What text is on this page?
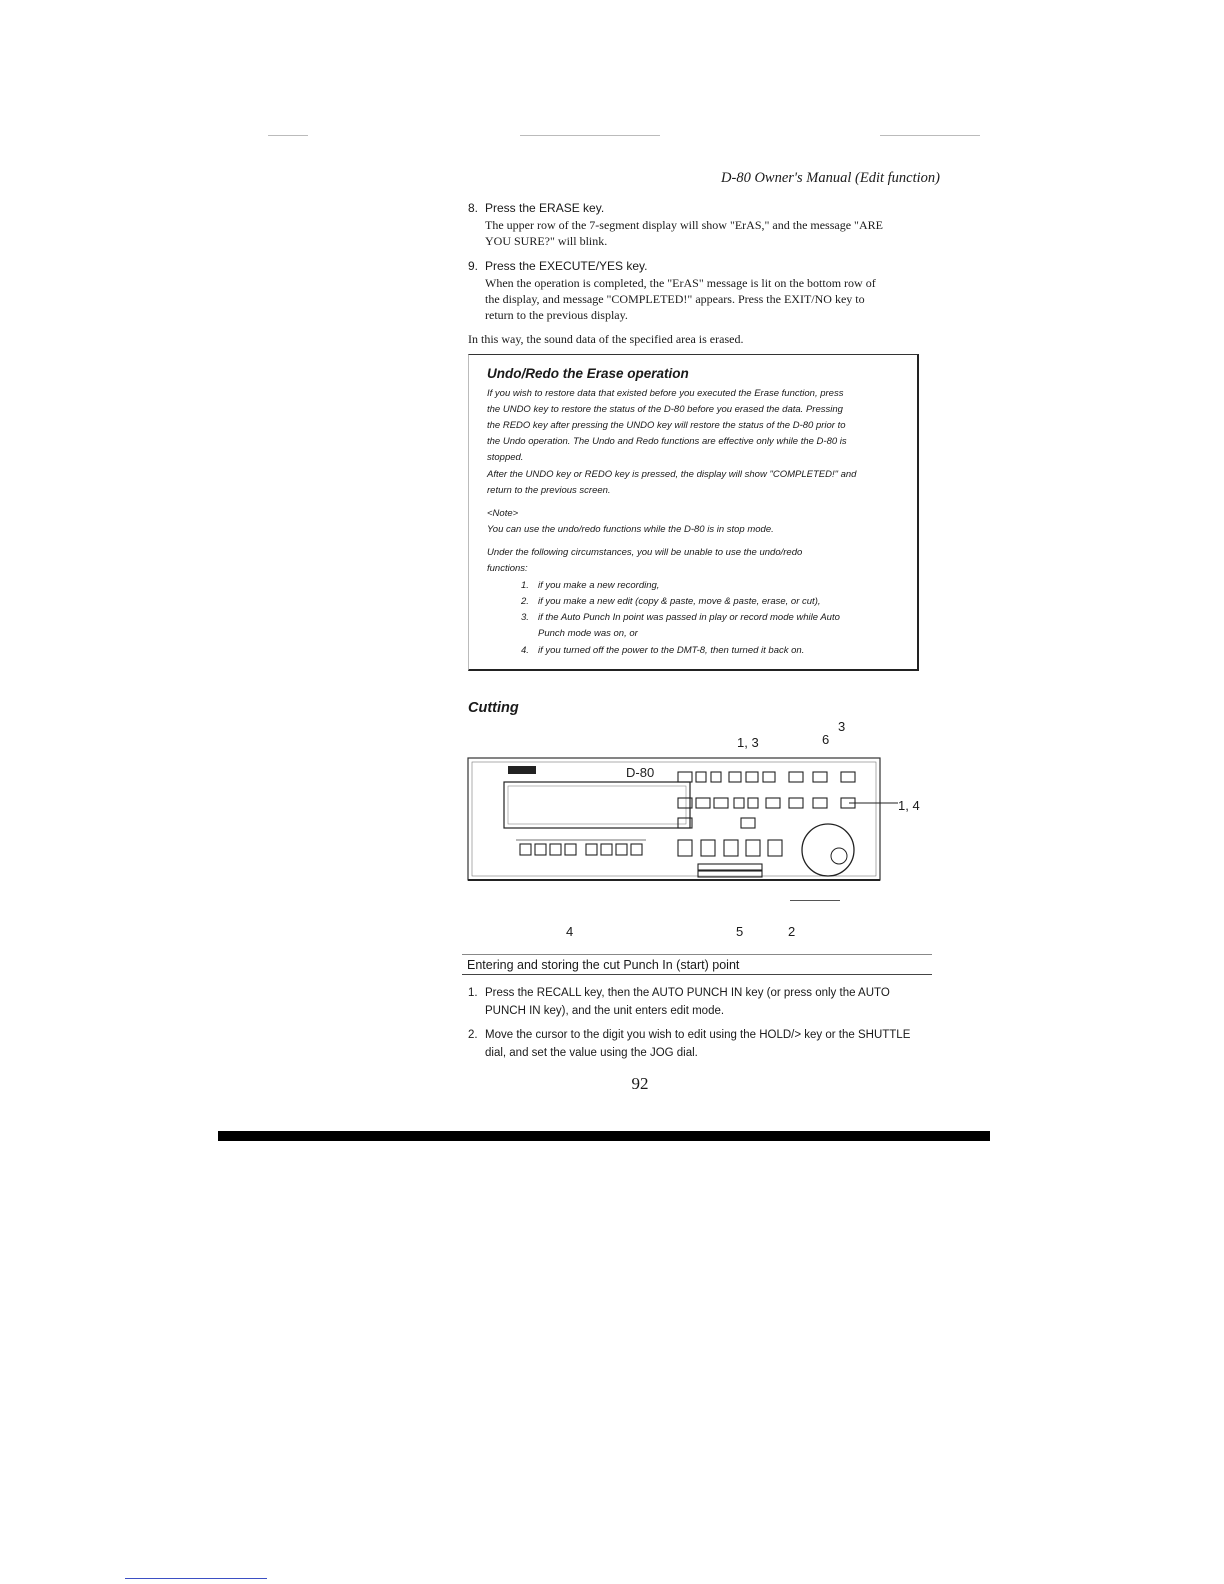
D-80 Owner's Manual (Edit function)
8. Press the ERASE key.
The upper row of the 7-segment display will show "ErAS," and the message "ARE
YOU SURE?" will blink.
9. Press the EXECUTE/YES key.
When the operation is completed, the "ErAS" message is lit on the bottom row of
the display, and message "COMPLETED!" appears. Press the EXIT/NO key to
return to the previous display.
In this way, the sound data of the specified area is erased.
Undo/Redo the Erase operation
If you wish to restore data that existed before you executed the Erase function, press
the UNDO key to restore the status of the D-80 before you erased the data. Pressing
the REDO key after pressing the UNDO key will restore the status of the D-80 prior to
the Undo operation. The Undo and Redo functions are effective only while the D-80 is
stopped.
After the UNDO key or REDO key is pressed, the display will show "COMPLETED!" and
return to the previous screen.
<Note>
You can use the undo/redo functions while the D-80 is in stop mode.
Under the following circumstances, you will be unable to use the undo/redo
functions:
1. if you make a new recording,
2. if you make a new edit (copy & paste, move & paste, erase, or cut),
3. if the Auto Punch In point was passed in play or record mode while Auto
Punch mode was on, or
4. if you turned off the power to the DMT-8, then turned it back on.
Cutting
1, 3
3
6
1, 4
4	5	2
D-80
Entering and storing the cut Punch In (start) point
1. Press the RECALL key, then the AUTO PUNCH IN key (or press only the AUTO
PUNCH IN key), and the unit enters edit mode.
2. Move the cursor to the digit you wish to edit using the HOLD/> key or the SHUTTLE
dial, and set the value using the JOG dial.
92
